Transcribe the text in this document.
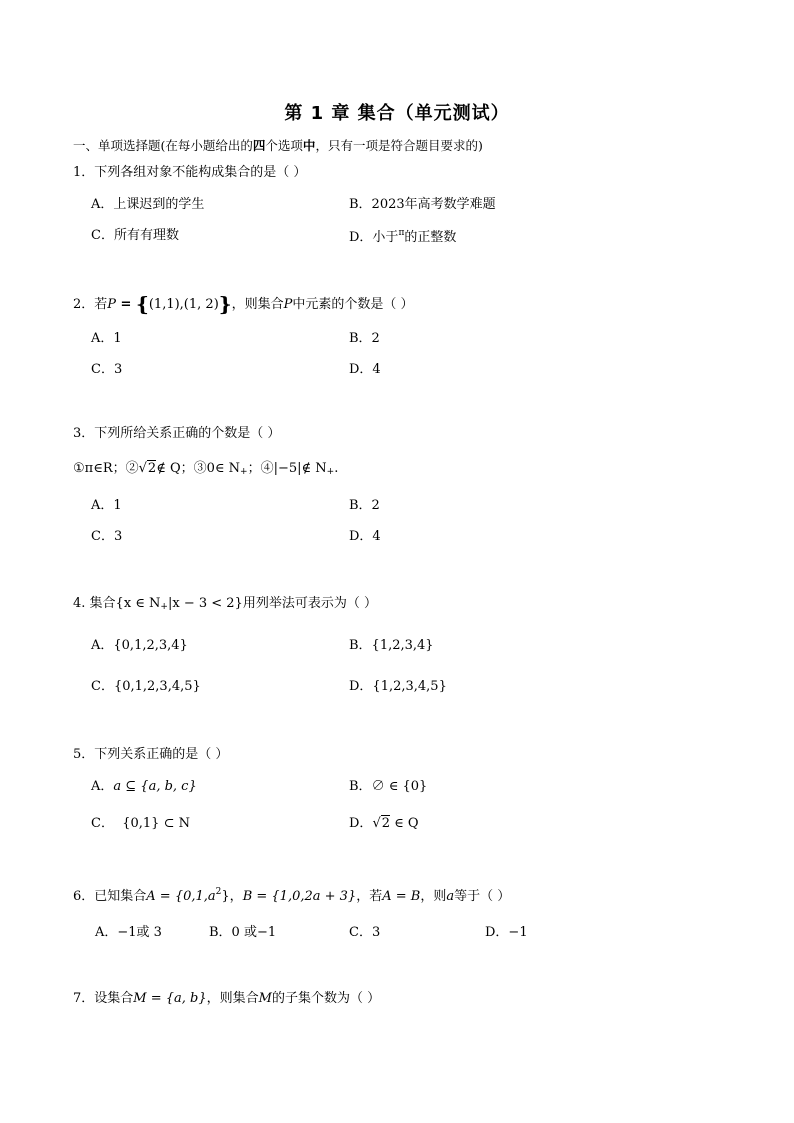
第 1 章 集合（单元测试）
一、单项选择题(在每小题给出的四个选项中，只有一项是符合题目要求的)
1．下列各组对象不能构成集合的是（ ）
A．上课迟到的学生	B．2023年高考数学难题
C．所有有理数	D．小于$^\pi$的正整数
2．若P = {(1,1),(1, 2)}，则集合P中元素的个数是（ ）
A．1	B．2
C．3	D．4
3．下列所给关系正确的个数是（ ）
①π∈R；②√2∉ Q；③0∈ $N_+$；④|−5|∉ $N_+$.
A．1	B．2
C．3	D．4
4. 集合{x ∈ $N_+|x - 3 < 2$}用列举法可表示为（ ）
A．{0,1,2,3,4}	B．{1,2,3,4}
C．{0,1,2,3,4,5}	D．{1,2,3,4,5}
5．下列关系正确的是（ ）
A．a ⊆ {a, b, c}	B．∅ ∈ {0}
C． {0,1} ⊂ N	D．√2 ∈ Q
6．已知集合$A = \{0,1,a^2\}$，B = {1,0,2a + 3}，若A = B，则a等于（ ）
A．−1或 3	B．0 或−1	C．3	D．−1
7．设集合M = {a, b}，则集合M的子集个数为（ ）
